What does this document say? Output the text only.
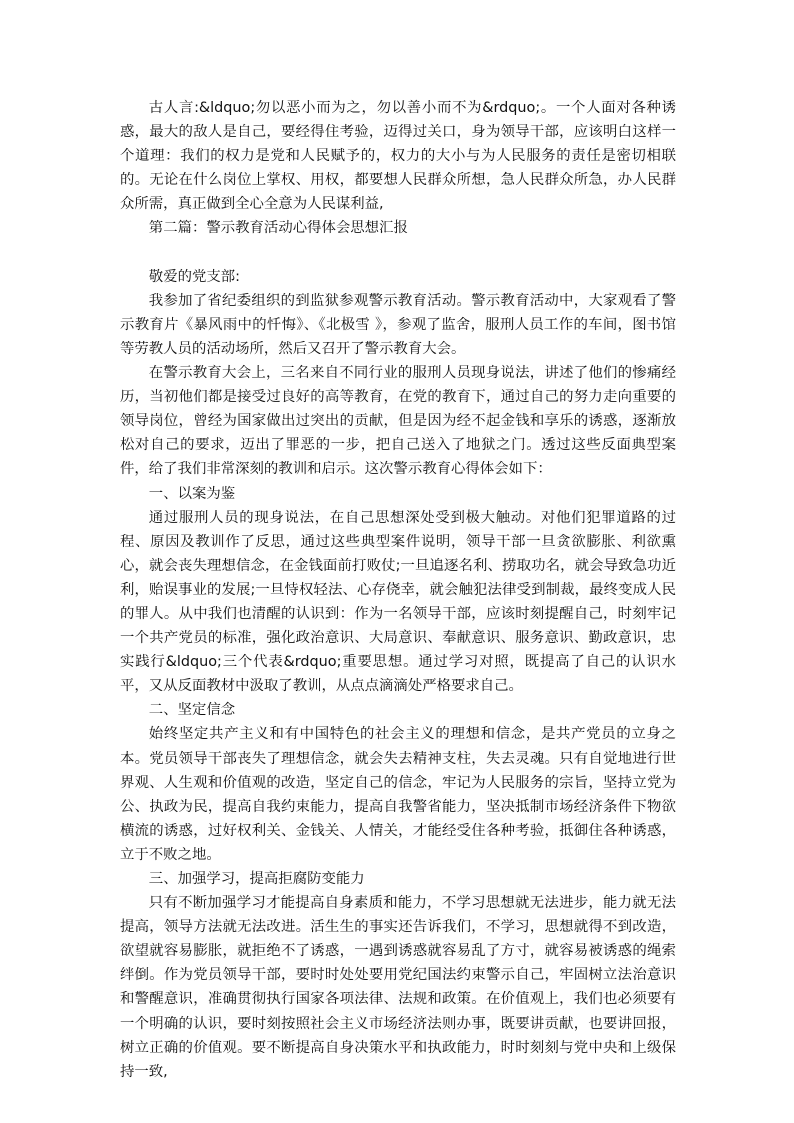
古人言:&ldquo;勿以恶小而为之，勿以善小而不为&rdquo;。一个人面对各种诱惑，最大的敌人是自己，要经得住考验，迈得过关口，身为领导干部，应该明白这样一个道理：我们的权力是党和人民赋予的，权力的大小与为人民服务的责任是密切相联的。无论在什么岗位上掌权、用权，都要想人民群众所想，急人民群众所急，办人民群众所需，真正做到全心全意为人民谋利益,

第二篇：警示教育活动心得体会思想汇报

敬爱的党支部:

我参加了省纪委组织的到监狱参观警示教育活动。警示教育活动中，大家观看了警示教育片《暴风雨中的忏悔》、《北极雪 》，参观了监舍，服刑人员工作的车间，图书馆等劳教人员的活动场所，然后又召开了警示教育大会。

在警示教育大会上，三名来自不同行业的服刑人员现身说法，讲述了他们的惨痛经历，当初他们都是接受过良好的高等教育，在党的教育下，通过自己的努力走向重要的领导岗位，曾经为国家做出过突出的贡献，但是因为经不起金钱和享乐的诱惑，逐渐放松对自己的要求，迈出了罪恶的一步，把自己送入了地狱之门。透过这些反面典型案件，给了我们非常深刻的教训和启示。这次警示教育心得体会如下：

一、以案为鉴

通过服刑人员的现身说法，在自己思想深处受到极大触动。对他们犯罪道路的过程、原因及教训作了反思，通过这些典型案件说明，领导干部一旦贪欲膨胀、利欲熏心，就会丧失理想信念，在金钱面前打败仗;一旦追逐名利、捞取功名，就会导致急功近利，贻误事业的发展;一旦恃权轻法、心存侥幸，就会触犯法律受到制裁，最终变成人民的罪人。从中我们也清醒的认识到：作为一名领导干部，应该时刻提醒自己，时刻牢记一个共产党员的标准，强化政治意识、大局意识、奉献意识、服务意识、勤政意识，忠实践行&ldquo;三个代表&rdquo;重要思想。通过学习对照，既提高了自己的认识水平，又从反面教材中汲取了教训，从点点滴滴处严格要求自己。

二、坚定信念

始终坚定共产主义和有中国特色的社会主义的理想和信念，是共产党员的立身之本。党员领导干部丧失了理想信念，就会失去精神支柱，失去灵魂。只有自觉地进行世界观、人生观和价值观的改造，坚定自己的信念，牢记为人民服务的宗旨，坚持立党为公、执政为民，提高自我约束能力，提高自我警省能力，坚决抵制市场经济条件下物欲横流的诱惑，过好权利关、金钱关、人情关，才能经受住各种考验，抵御住各种诱惑，立于不败之地。

三、加强学习，提高拒腐防变能力

只有不断加强学习才能提高自身素质和能力，不学习思想就无法进步，能力就无法提高，领导方法就无法改进。活生生的事实还告诉我们，不学习，思想就得不到改造，欲望就容易膨胀，就拒绝不了诱惑，一遇到诱惑就容易乱了方寸，就容易被诱惑的绳索绊倒。作为党员领导干部，要时时处处要用党纪国法约束警示自己，牢固树立法治意识和警醒意识，准确贯彻执行国家各项法律、法规和政策。在价值观上，我们也必须要有一个明确的认识，要时刻按照社会主义市场经济法则办事，既要讲贡献，也要讲回报，树立正确的价值观。要不断提高自身决策水平和执政能力，时时刻刻与党中央和上级保持一致,
